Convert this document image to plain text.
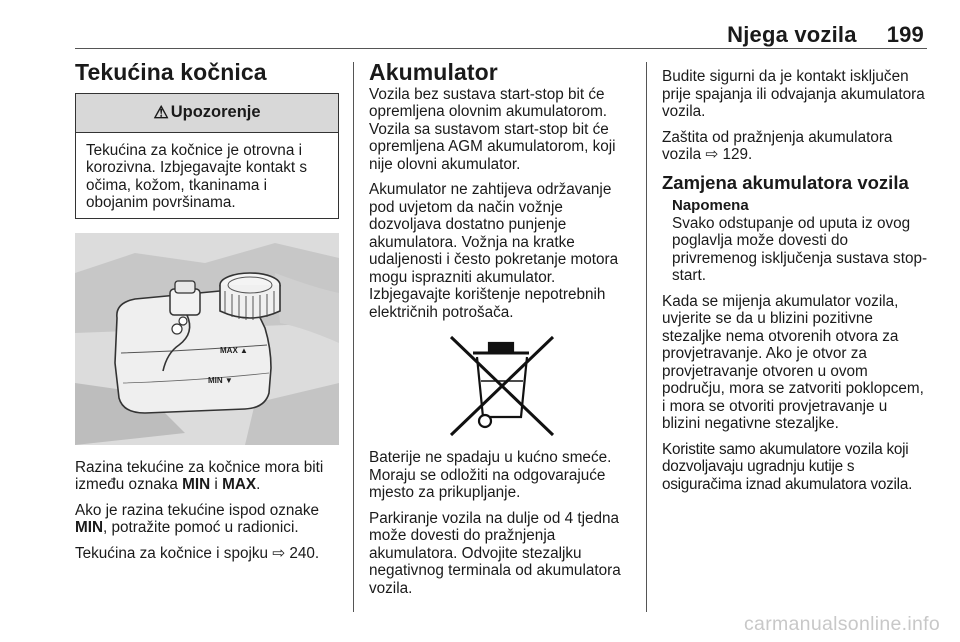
Njega vozila 199
Tekućina kočnica
⚠ Upozorenje
Tekućina za kočnice je otrovna i korozivna. Izbjegavajte kontakt s očima, kožom, tkaninama i obojanim površinama.
MAX ▲
MIN ▼

Razina tekućine za kočnice mora biti između oznaka MIN i MAX.

Ako je razina tekućine ispod oznake MIN, potražite pomoć u radionici.

Tekućina za kočnice i spojku ⇨ 240.

Akumulator

Vozila bez sustava start-stop bit će opremljena olovnim akumulatorom. Vozila sa sustavom start-stop bit će opremljena AGM akumulatorom, koji nije olovni akumulator.

Akumulator ne zahtijeva održavanje pod uvjetom da način vožnje dozvoljava dostatno punjenje akumulatora. Vožnja na kratke udaljenosti i često pokretanje motora mogu isprazniti akumulator. Izbjegavajte korištenje nepotrebnih električnih potrošača.

Baterije ne spadaju u kućno smeće. Moraju se odložiti na odgovarajuće mjesto za prikupljanje.

Parkiranje vozila na dulje od 4 tjedna može dovesti do pražnjenja akumulatora. Odvojite stezaljku negativnog terminala od akumulatora vozila.

Budite sigurni da je kontakt isključen prije spajanja ili odvajanja akumulatora vozila.

Zaštita od pražnjenja akumulatora vozila ⇨ 129.

Zamjena akumulatora vozila
Napomena
Svako odstupanje od uputa iz ovog poglavlja može dovesti do privremenog isključenja sustava stop-start.

Kada se mijenja akumulator vozila, uvjerite se da u blizini pozitivne stezaljke nema otvorenih otvora za provjetravanje. Ako je otvor za provjetravanje otvoren u ovom području, mora se zatvoriti poklopcem, i mora se otvoriti provjetravanje u blizini negativne stezaljke.

Koristite samo akumulatore vozila koji dozvoljavaju ugradnju kutije s osiguračima iznad akumulatora vozila.

carmanualsonline.info
